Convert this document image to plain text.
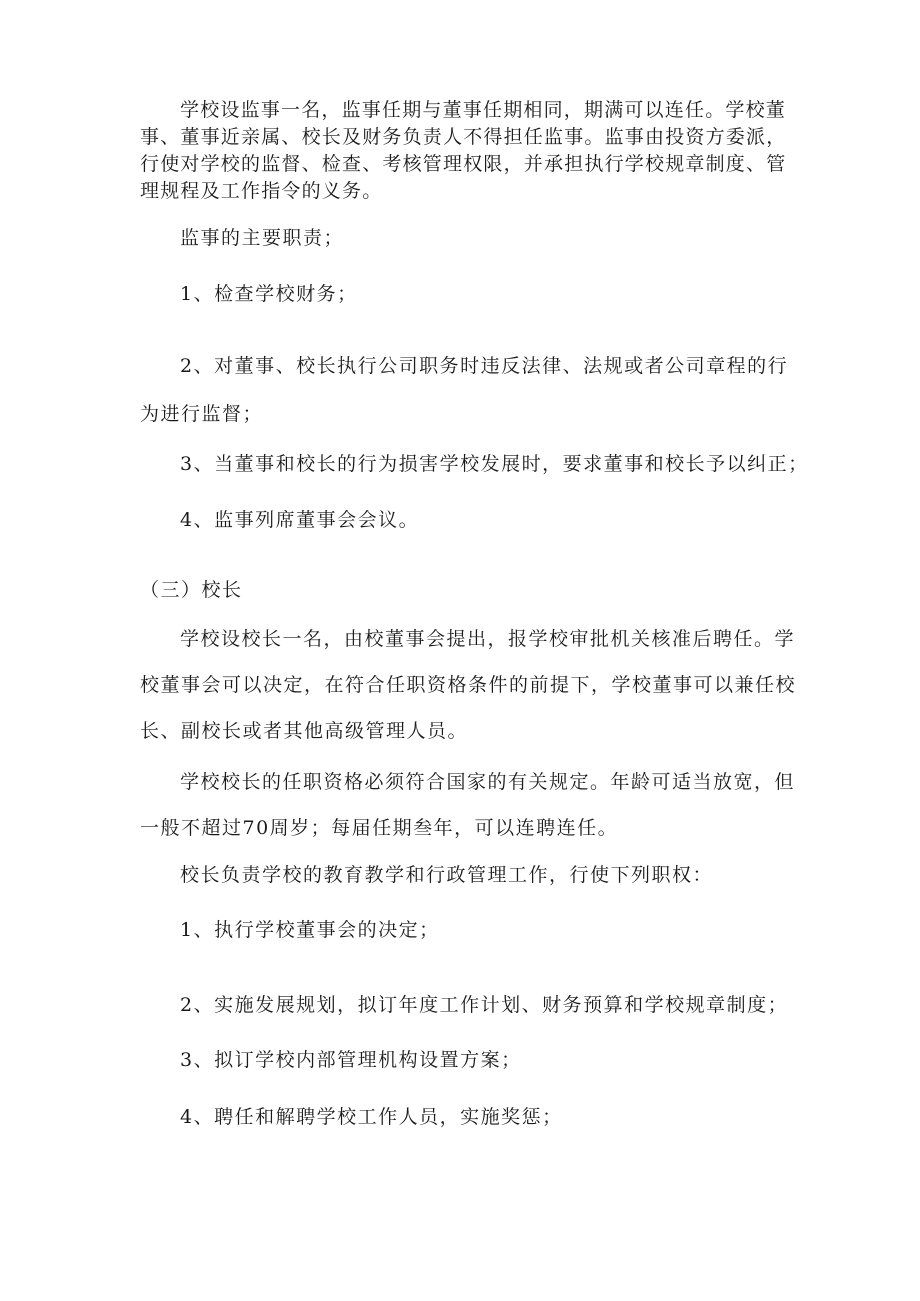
学校设监事一名，监事任期与董事任期相同，期满可以连任。学校董
事、董事近亲属、校长及财务负责人不得担任监事。监事由投资方委派，
行使对学校的监督、检查、考核管理权限，并承担执行学校规章制度、管
理规程及工作指令的义务。
监事的主要职责；
1、检查学校财务；
2、对董事、校长执行公司职务时违反法律、法规或者公司章程的行
为进行监督；
3、当董事和校长的行为损害学校发展时，要求董事和校长予以纠正；
4、监事列席董事会会议。
（三）校长
学校设校长一名，由校董事会提出，报学校审批机关核准后聘任。学
校董事会可以决定，在符合任职资格条件的前提下，学校董事可以兼任校
长、副校长或者其他高级管理人员。
学校校长的任职资格必须符合国家的有关规定。年龄可适当放宽，但
一般不超过70周岁；每届任期叁年，可以连聘连任。
校长负责学校的教育教学和行政管理工作，行使下列职权：
1、执行学校董事会的决定；
2、实施发展规划，拟订年度工作计划、财务预算和学校规章制度；
3、拟订学校内部管理机构设置方案；
4、聘任和解聘学校工作人员，实施奖惩；
